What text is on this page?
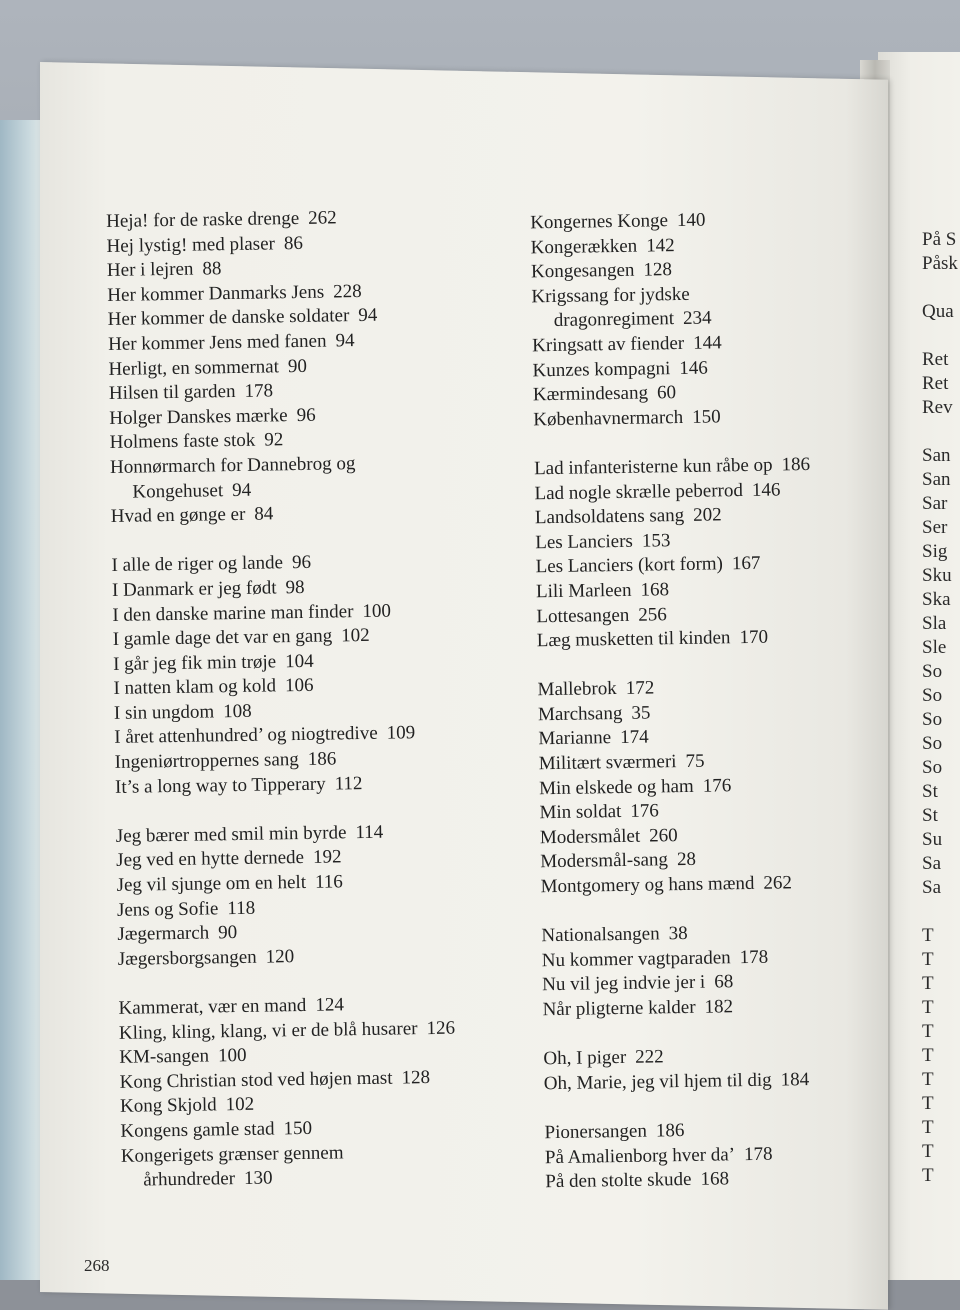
På S
Påsk
Qua
Ret
Ret
Rev
San
San
Sar
Ser
Sig
Sku
Ska
Sla
Sle
So
So
So
So
So
St
St
Su
Sa
Sa
T
T
T
T
T
T
T
T
T
T
T
Heja! for de raske drenge 262
Hej lystig! med plaser 86
Her i lejren 88
Her kommer Danmarks Jens 228
Her kommer de danske soldater 94
Her kommer Jens med fanen 94
Herligt, en sommernat 90
Hilsen til garden 178
Holger Danskes mærke 96
Holmens faste stok 92
Honnørmarch for Dannebrog og
Kongehuset 94
Hvad en gønge er 84
I alle de riger og lande 96
I Danmark er jeg født 98
I den danske marine man finder 100
I gamle dage det var en gang 102
I går jeg fik min trøje 104
I natten klam og kold 106
I sin ungdom 108
I året attenhundred’ og niogtredive 109
Ingeniørtroppernes sang 186
It’s a long way to Tipperary 112
Jeg bærer med smil min byrde 114
Jeg ved en hytte dernede 192
Jeg vil sjunge om en helt 116
Jens og Sofie 118
Jægermarch 90
Jægersborgsangen 120
Kammerat, vær en mand 124
Kling, kling, klang, vi er de blå husarer 126
KM-sangen 100
Kong Christian stod ved højen mast 128
Kong Skjold 102
Kongens gamle stad 150
Kongerigets grænser gennem
århundreder 130
Kongernes Konge 140
Kongerækken 142
Kongesangen 128
Krigssang for jydske
dragonregiment 234
Kringsatt av fiender 144
Kunzes kompagni 146
Kærmindesang 60
Københavnermarch 150
Lad infanteristerne kun råbe op 186
Lad nogle skrælle peberrod 146
Landsoldatens sang 202
Les Lanciers 153
Les Lanciers (kort form) 167
Lili Marleen 168
Lottesangen 256
Læg musketten til kinden 170
Mallebrok 172
Marchsang 35
Marianne 174
Militært sværmeri 75
Min elskede og ham 176
Min soldat 176
Modersmålet 260
Modersmål-sang 28
Montgomery og hans mænd 262
Nationalsangen 38
Nu kommer vagtparaden 178
Nu vil jeg indvie jer i 68
Når pligterne kalder 182
Oh, I piger 222
Oh, Marie, jeg vil hjem til dig 184
Pionersangen 186
På Amalienborg hver da’ 178
På den stolte skude 168
268
